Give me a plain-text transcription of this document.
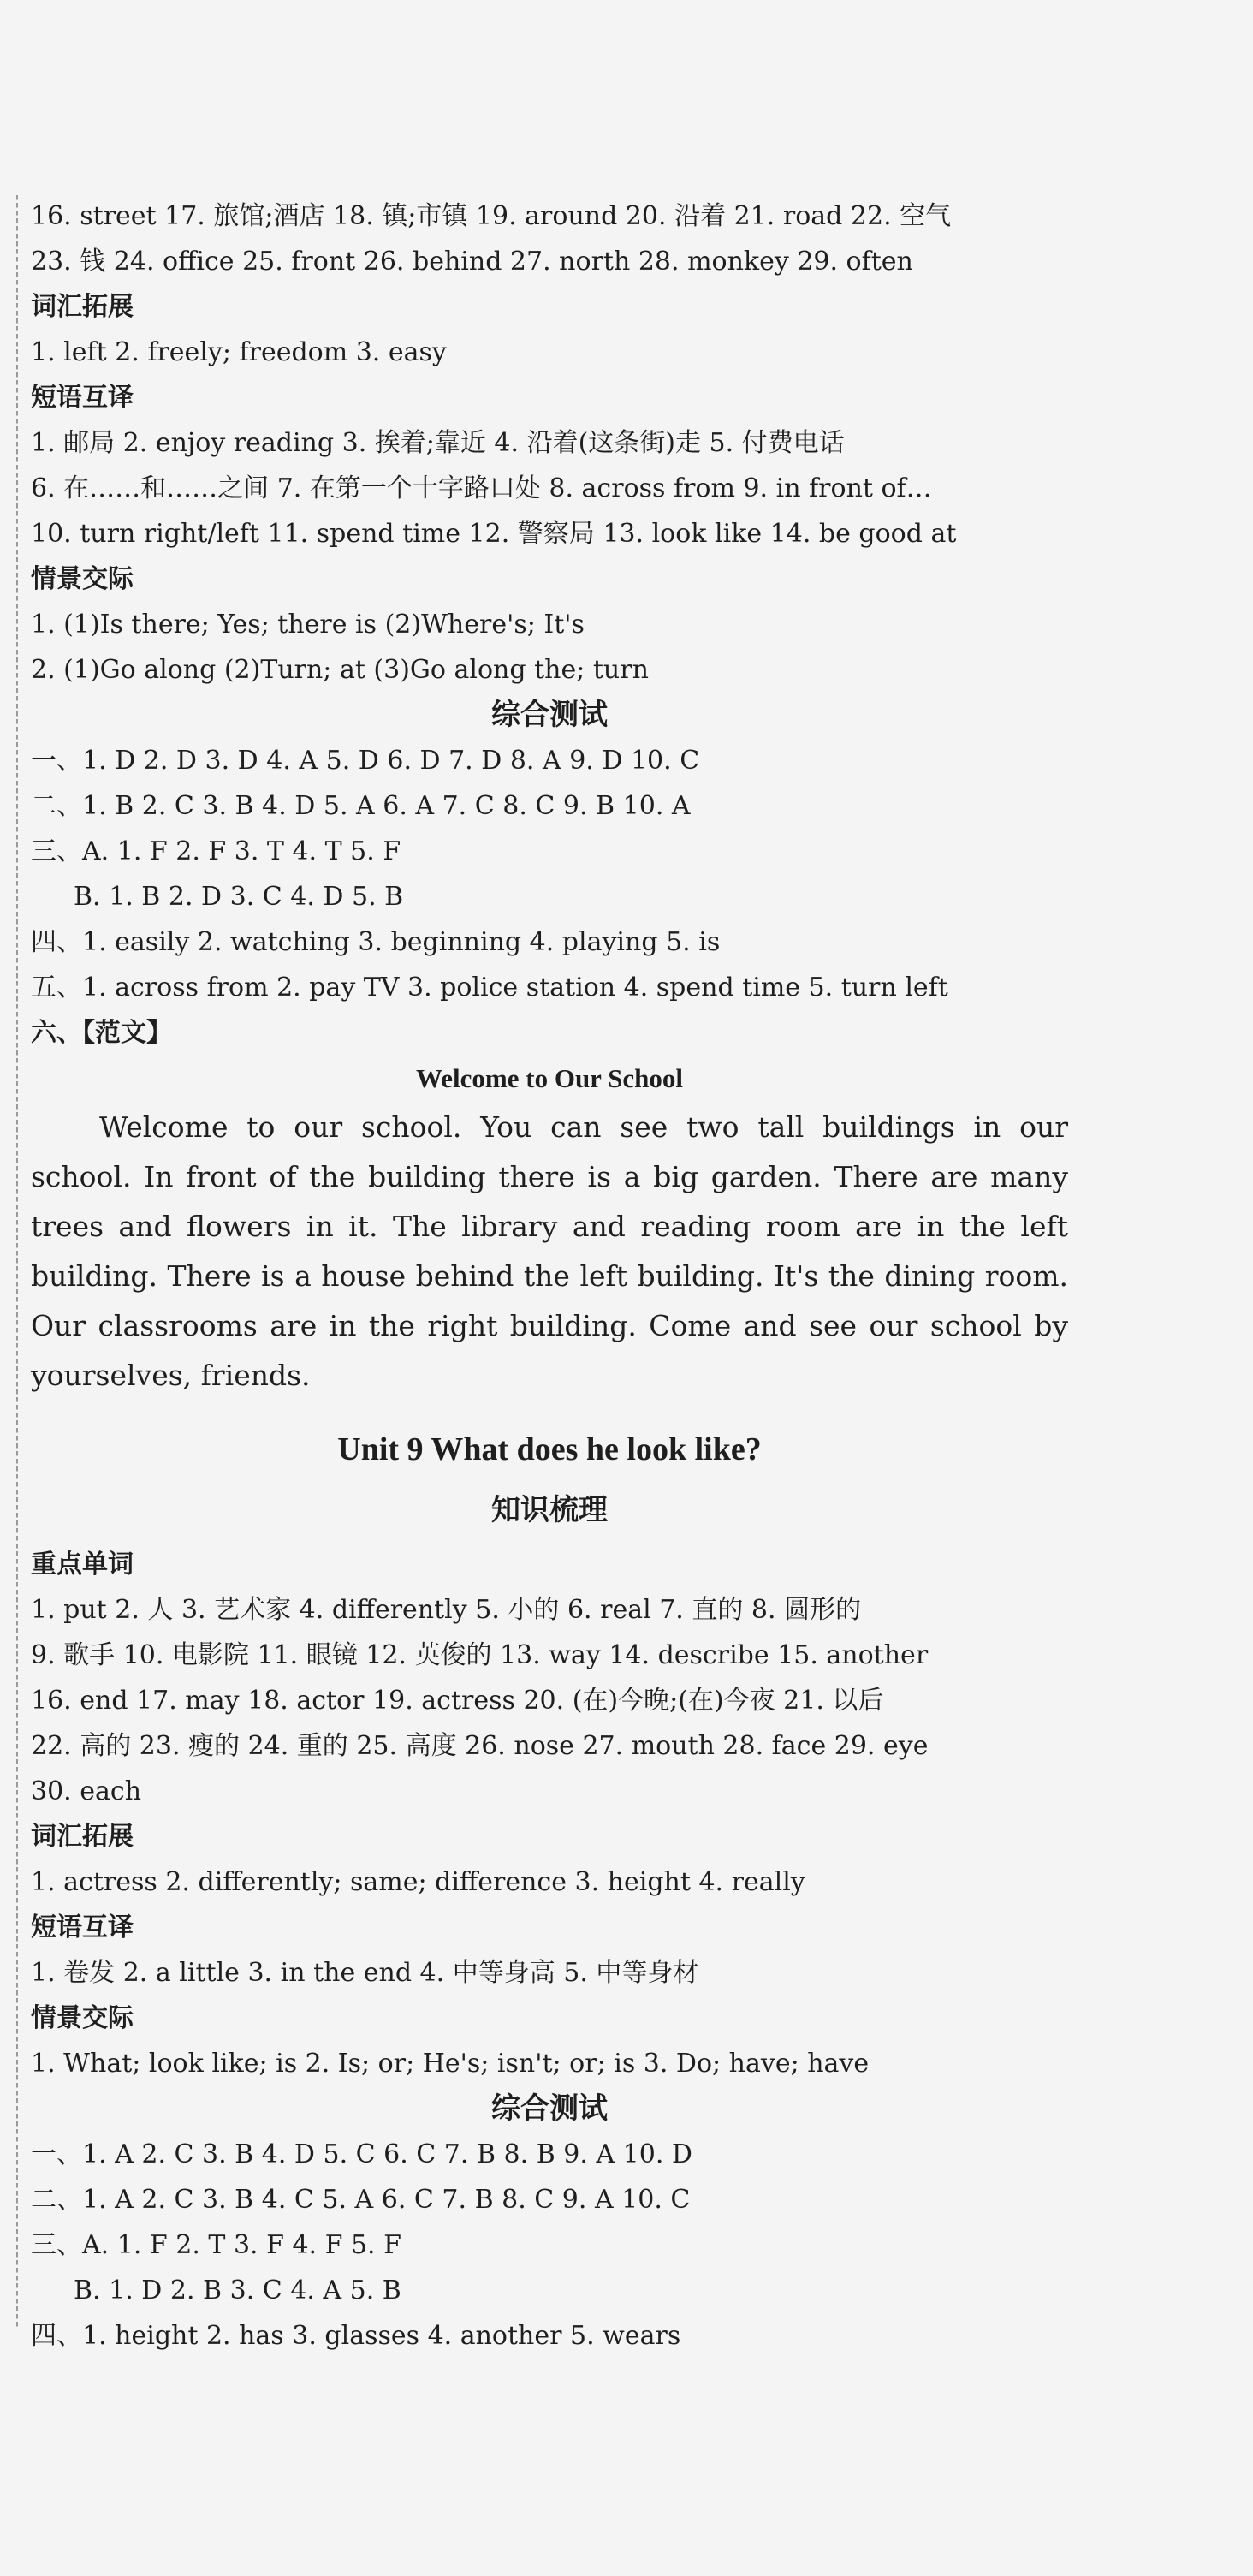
16. street 17. 旅馆;酒店 18. 镇;市镇 19. around 20. 沿着 21. road 22. 空气
23. 钱 24. office 25. front 26. behind 27. north 28. monkey 29. often
词汇拓展
1. left 2. freely; freedom 3. easy
短语互译
1. 邮局 2. enjoy reading 3. 挨着;靠近 4. 沿着(这条街)走 5. 付费电话
6. 在……和……之间 7. 在第一个十字路口处 8. across from 9. in front of…
10. turn right/left 11. spend time 12. 警察局 13. look like 14. be good at
情景交际
1. (1)Is there; Yes; there is (2)Where's; It's
2. (1)Go along (2)Turn; at (3)Go along the; turn
综合测试
一、1. D 2. D 3. D 4. A 5. D 6. D 7. D 8. A 9. D 10. C
二、1. B 2. C 3. B 4. D 5. A 6. A 7. C 8. C 9. B 10. A
三、A. 1. F 2. F 3. T 4. T 5. F
B. 1. B 2. D 3. C 4. D 5. B
四、1. easily 2. watching 3. beginning 4. playing 5. is
五、1. across from 2. pay TV 3. police station 4. spend time 5. turn left
六、【范文】
Welcome to Our School

Welcome to our school. You can see two tall buildings in our school. In front of the building there is a big garden. There are many trees and flowers in it. The library and reading room are in the left building. There is a house behind the left building. It's the dining room. Our classrooms are in the right building. Come and see our school by yourselves, friends.

Unit 9 What does he look like?
知识梳理
重点单词
1. put 2. 人 3. 艺术家 4. differently 5. 小的 6. real 7. 直的 8. 圆形的
9. 歌手 10. 电影院 11. 眼镜 12. 英俊的 13. way 14. describe 15. another
16. end 17. may 18. actor 19. actress 20. (在)今晚;(在)今夜 21. 以后
22. 高的 23. 瘦的 24. 重的 25. 高度 26. nose 27. mouth 28. face 29. eye
30. each
词汇拓展
1. actress 2. differently; same; difference 3. height 4. really
短语互译
1. 卷发 2. a little 3. in the end 4. 中等身高 5. 中等身材
情景交际
1. What; look like; is 2. Is; or; He's; isn't; or; is 3. Do; have; have
综合测试
一、1. A 2. C 3. B 4. D 5. C 6. C 7. B 8. B 9. A 10. D
二、1. A 2. C 3. B 4. C 5. A 6. C 7. B 8. C 9. A 10. C
三、A. 1. F 2. T 3. F 4. F 5. F
B. 1. D 2. B 3. C 4. A 5. B
四、1. height 2. has 3. glasses 4. another 5. wears
